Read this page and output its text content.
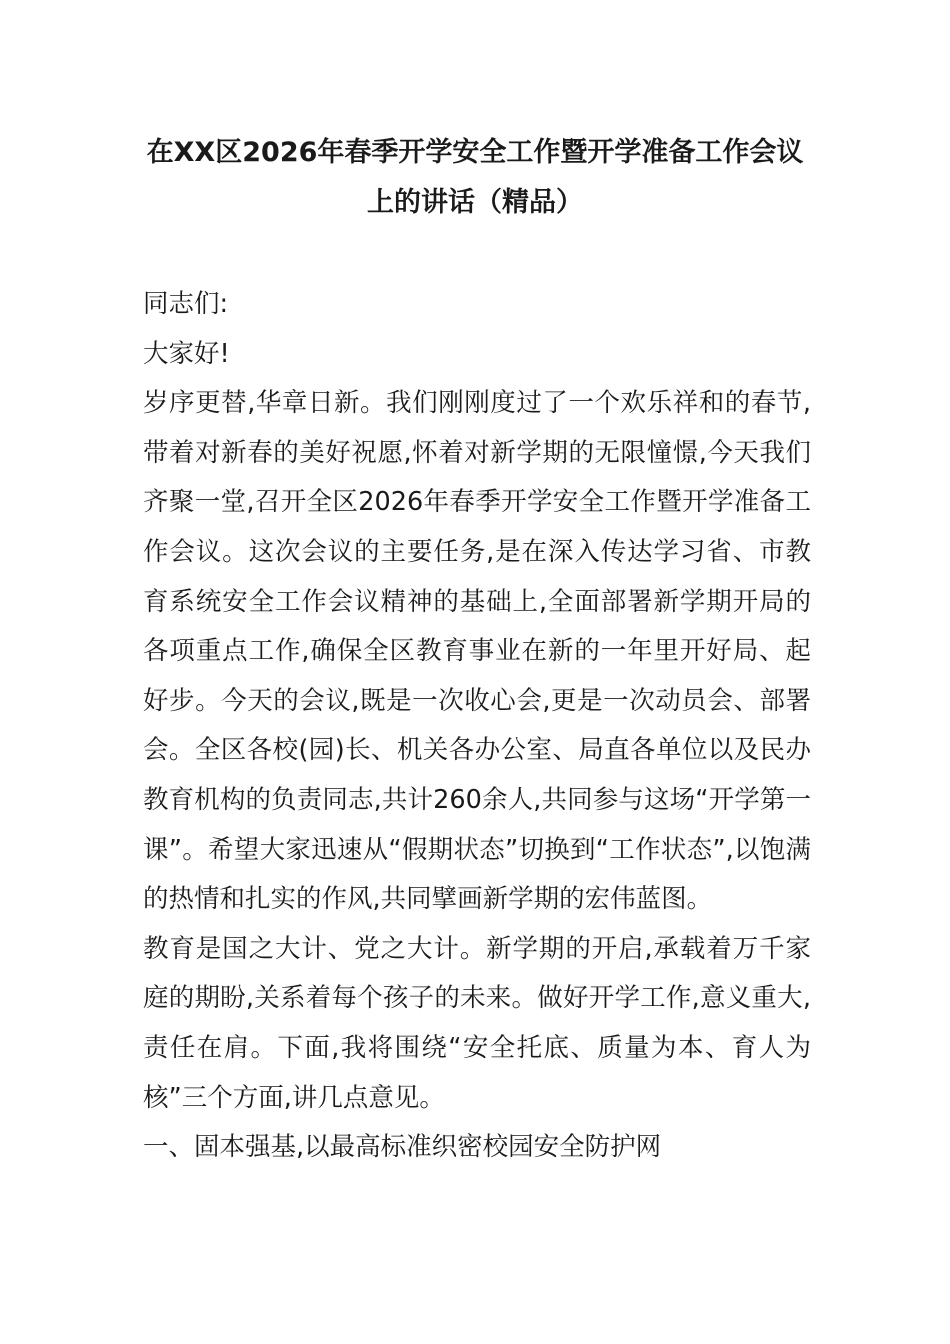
在XX区2026年春季开学安全工作暨开学准备工作会议上的讲话（精品）

同志们:

大家好!

岁序更替,华章日新。我们刚刚度过了一个欢乐祥和的春节,带着对新春的美好祝愿,怀着对新学期的无限憧憬,今天我们齐聚一堂,召开全区2026年春季开学安全工作暨开学准备工作会议。这次会议的主要任务,是在深入传达学习省、市教育系统安全工作会议精神的基础上,全面部署新学期开局的各项重点工作,确保全区教育事业在新的一年里开好局、起好步。今天的会议,既是一次收心会,更是一次动员会、部署会。全区各校(园)长、机关各办公室、局直各单位以及民办教育机构的负责同志,共计260余人,共同参与这场“开学第一课”。希望大家迅速从“假期状态”切换到“工作状态”,以饱满的热情和扎实的作风,共同擘画新学期的宏伟蓝图。

教育是国之大计、党之大计。新学期的开启,承载着万千家庭的期盼,关系着每个孩子的未来。做好开学工作,意义重大,责任在肩。下面,我将围绕“安全托底、质量为本、育人为核”三个方面,讲几点意见。

一、固本强基,以最高标准织密校园安全防护网
